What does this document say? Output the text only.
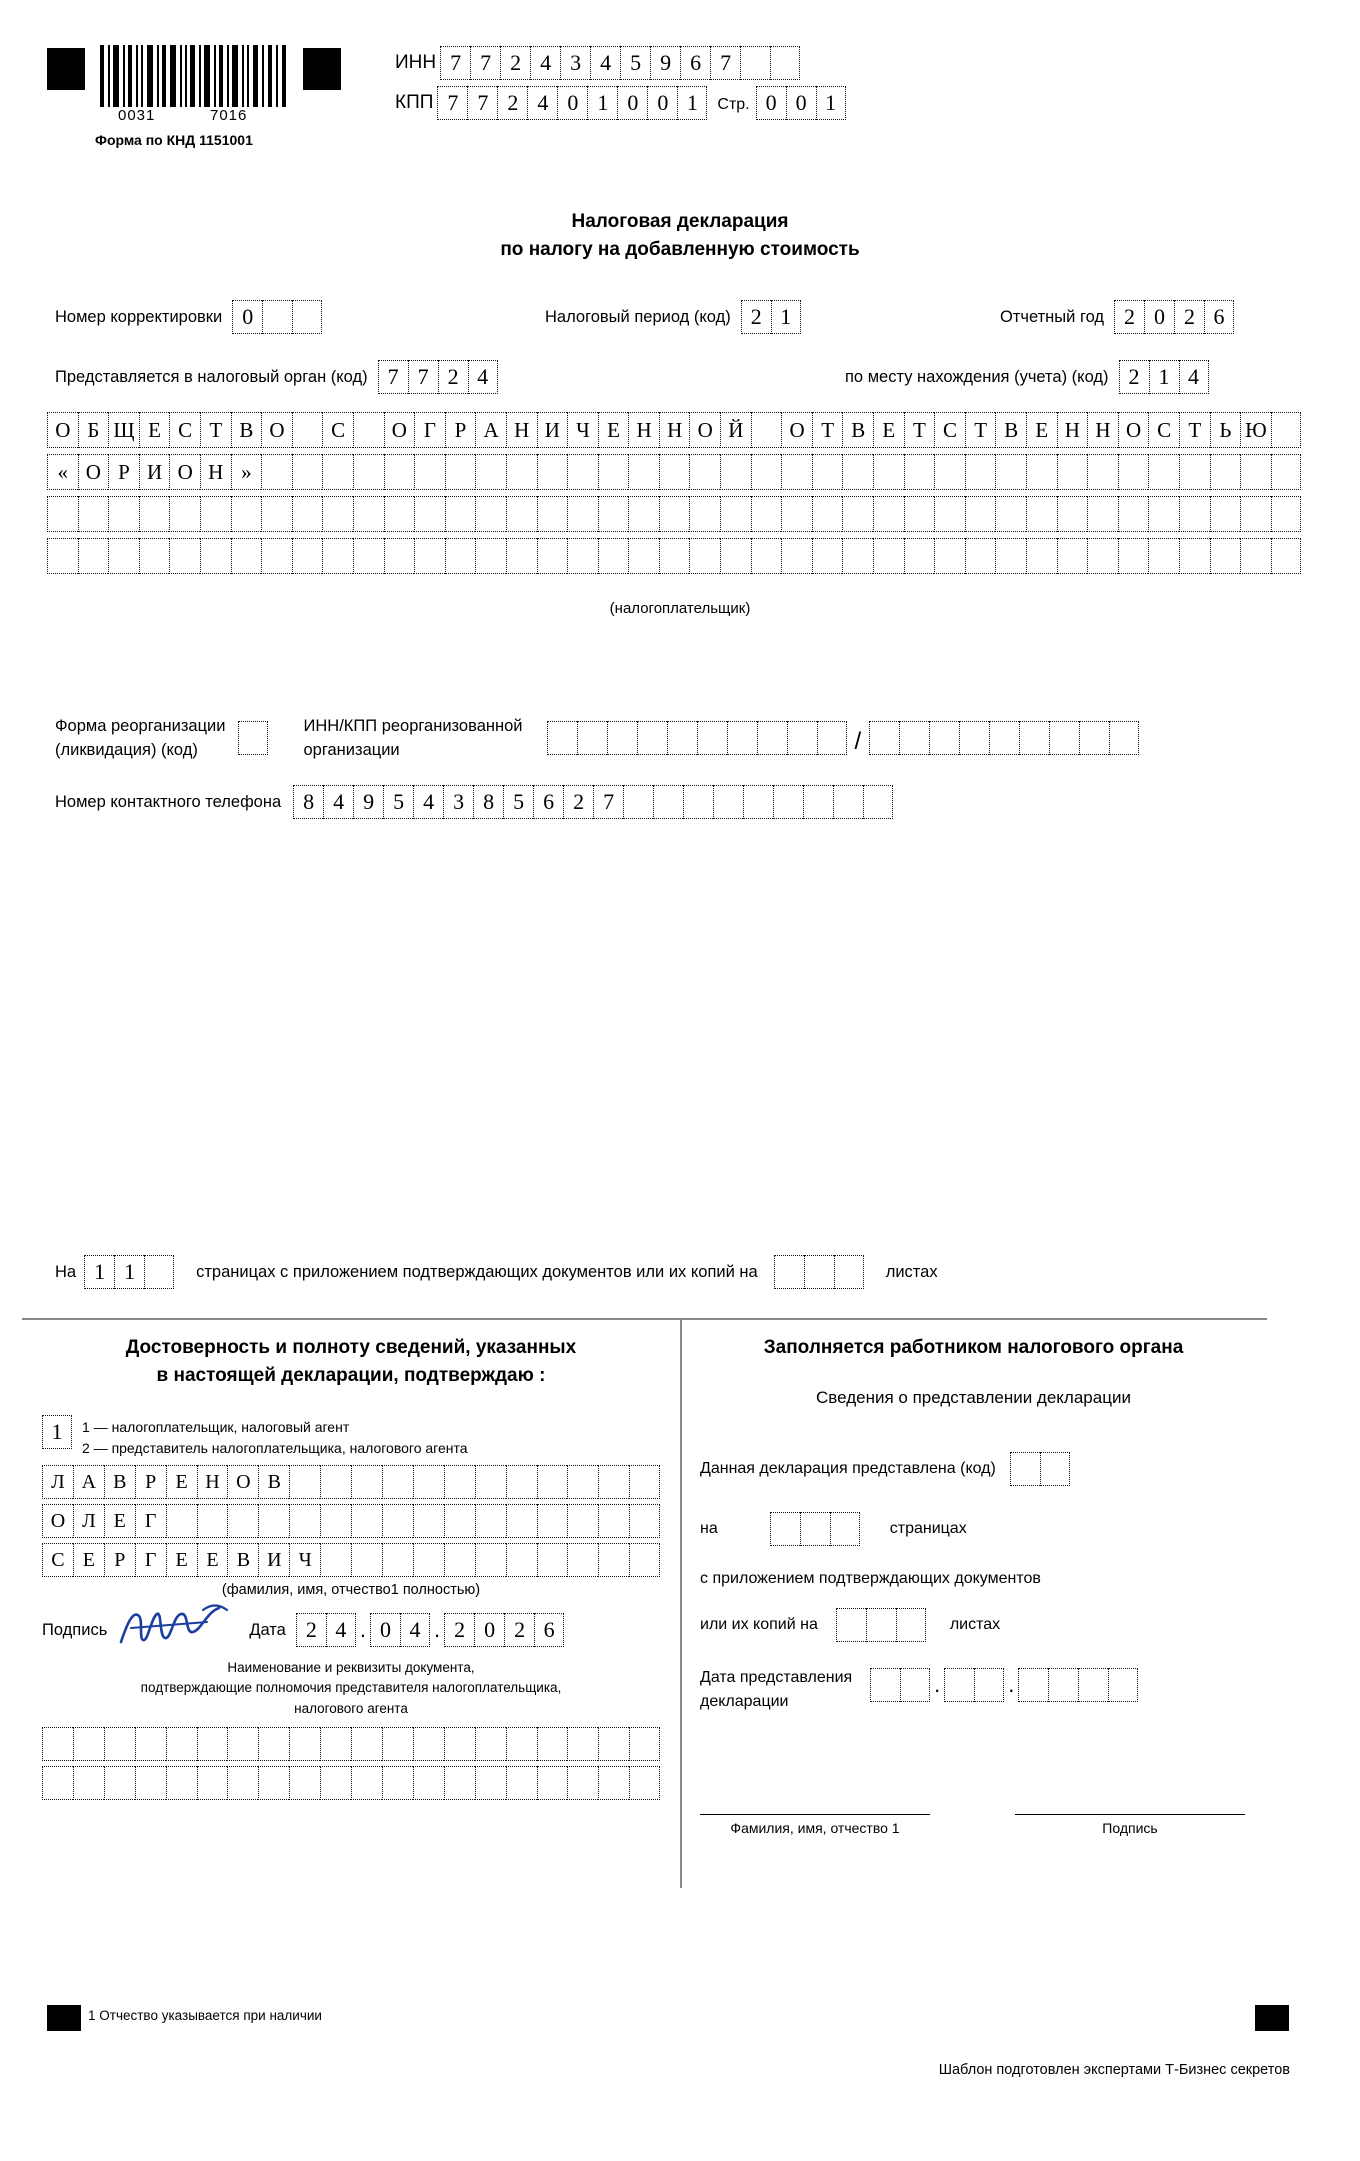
0031	7016
Форма по КНД 1151001
ИНН 7 7 2 4 3 4 5 9 6 7
КПП 7 7 2 4 0 1 0 0 1	Стр. 0 0 1
Налоговая декларация
по налогу на добавленную стоимость
Номер корректировки 0	Налоговый период (код) 2 1	Отчетный год 2 0 2 6
Представляется в налоговый орган (код) 7 7 2 4	по месту нахождения (учета) (код) 2 1 4
О Б Щ Е С Т В О	С	О Г Р А Н И Ч Е Н Н О Й	О Т В Е Т С Т В Е Н Н О С Т Ь Ю
« О Р И О Н »
(налогоплательщик)
Форма реорганизации
(ликвидация) (код)
ИНН/КПП реорганизованной
организации	/
Номер контактного телефона	8 4 9 5 4 3 8 5 6 2 7
На 1 1	страницах с приложением подтверждающих документов или их копий на	листах
Достоверность и полноту сведений, указанных
в настоящей декларации, подтверждаю :
1	1 — налогоплательщик, налоговый агент
2 — представитель налогоплательщика, налогового агента
Л А В Р Е Н О В
О Л Е Г
С Е Р Г Е Е В И Ч
(фамилия, имя, отчество1 полностью)
Подпись	Дата 2 4 . 0 4 . 2 0 2 6
Наименование и реквизиты документа,
подтверждающие полномочия представителя налогоплательщика,
налогового агента
Заполняется работником налогового органа
Сведения о представлении декларации
Данная декларация представлена (код)
на	страницах
с приложением подтверждающих документов
или их копий на	листах
Дата представления
декларации
.	.
Фамилия, имя, отчество 1	Подпись
1 Отчество указывается при наличии
Шаблон подготовлен экспертами Т-Бизнес секретов
